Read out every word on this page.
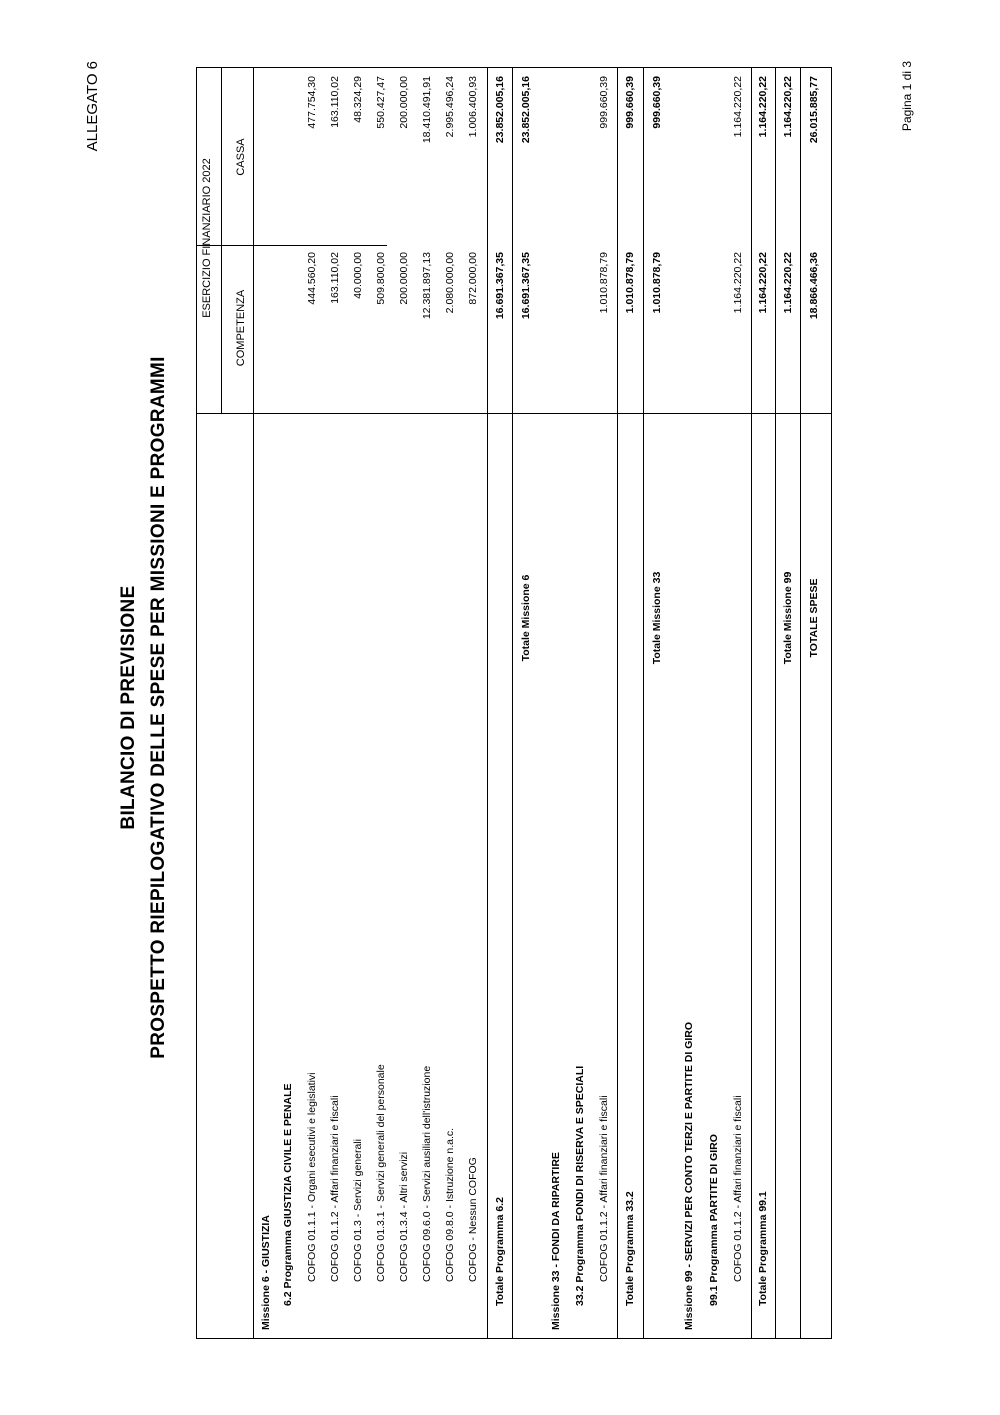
ALLEGATO 6
BILANCIO DI PREVISIONE PROSPETTO RIEPILOGATIVO DELLE SPESE PER MISSIONI E PROGRAMMI
ESERCIZIO FINANZIARIO 2022
COMPETENZA
CASSA
Missione 6 - GIUSTIZIA 6.2 Programma GIUSTIZIA CIVILE E PENALE COFOG 01.1.1 - Organi esecutivi e legislativi
444.560,20
477.754,30
COFOG 01.1.2 - Affari finanziari e fiscali
163.110,02
163.110,02
COFOG 01.3 - Servizi generali
40.000,00
48.324,29
COFOG 01.3.1 - Servizi generali del personale
509.800,00
550.427,47
COFOG 01.3.4 - Altri servizi
200.000,00
200.000,00
COFOG 09.6.0 - Servizi ausiliari dell'istruzione
12.381.897,13
18.410.491,91
COFOG 09.8.0 - Istruzione n.a.c.
2.080.000,00
2.995.496,24
COFOG - Nessun COFOG
872.000,00
1.006.400,93
Totale Programma 6.2
16.691.367,35
23.852.005,16
Totale Missione 6
16.691.367,35
23.852.005,16
Missione 33 - FONDI DA RIPARTIRE 33.2 Programma FONDI DI RISERVA E SPECIALI COFOG 01.1.2 - Affari finanziari e fiscali
1.010.878,79
999.660,39
Totale Programma 33.2
1.010.878,79
999.660,39
Totale Missione 33
1.010.878,79
999.660,39
Missione 99 - SERVIZI PER CONTO TERZI E PARTITE DI GIRO 99.1 Programma PARTITE DI GIRO COFOG 01.1.2 - Affari finanziari e fiscali
1.164.220,22
1.164.220,22
Totale Programma 99.1
1.164.220,22
1.164.220,22
Totale Missione 99
1.164.220,22
1.164.220,22
TOTALE SPESE
18.866.466,36
26.015.885,77	Pagina 1 di 3
